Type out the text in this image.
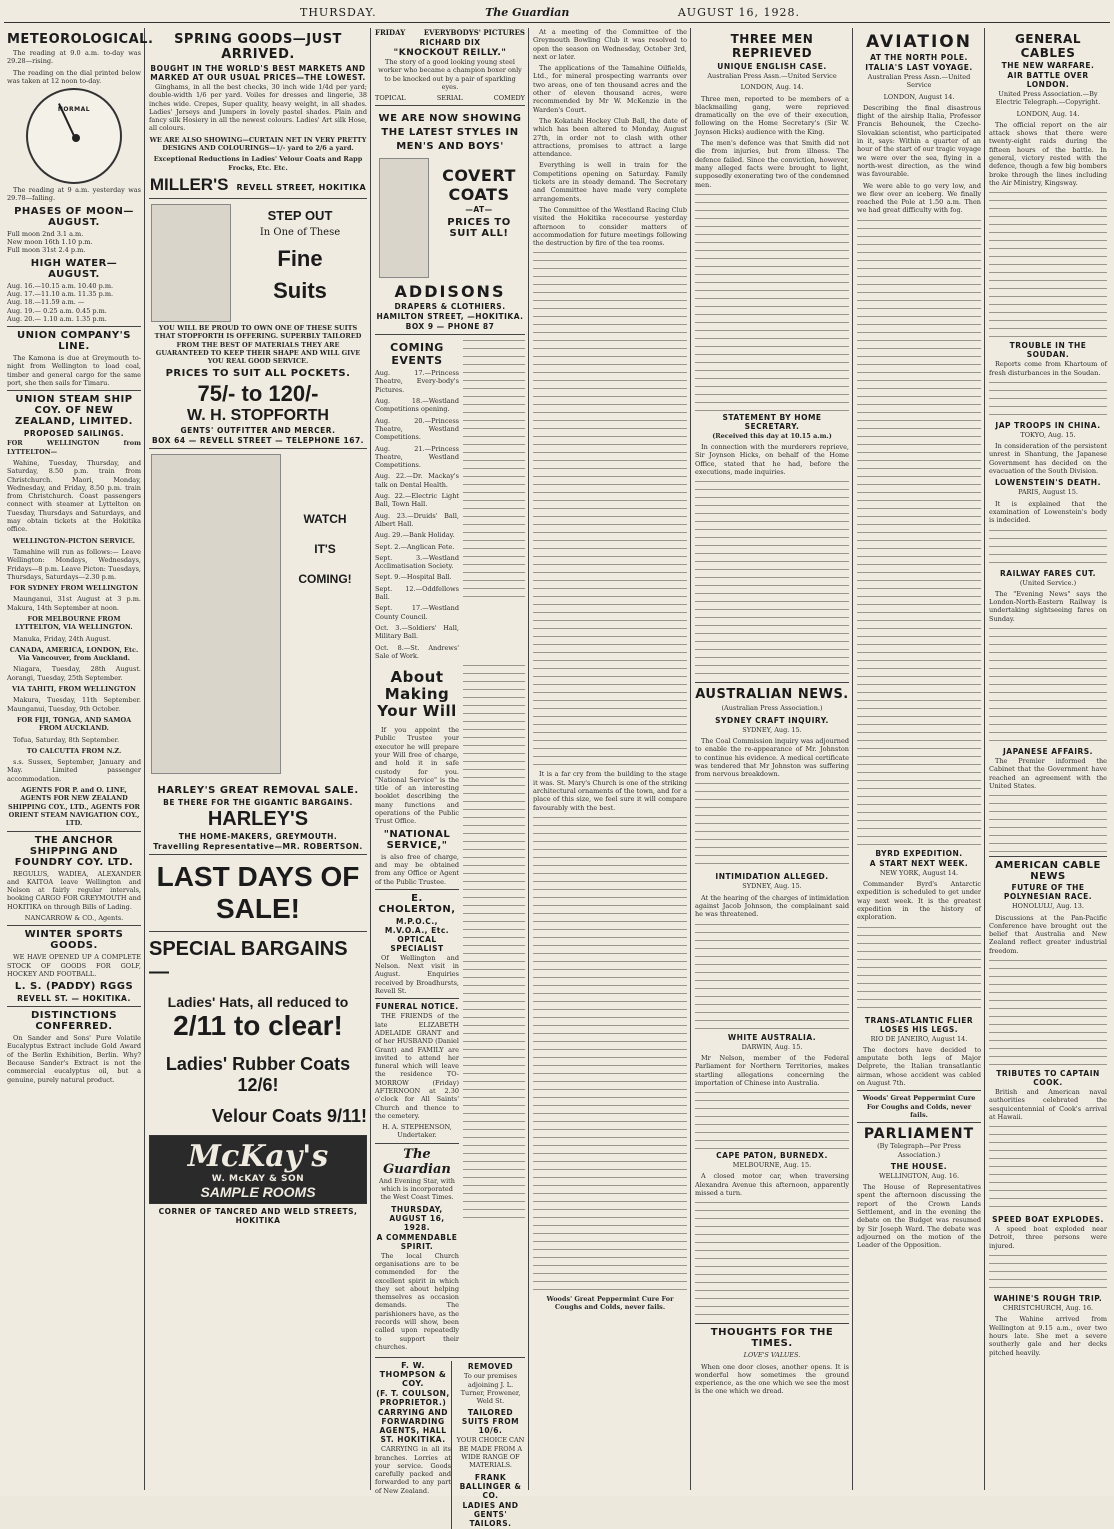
THURSDAY.	The Guardian	AUGUST 16, 1928.
METEOROLOGICAL.
The reading at 9.0 a.m. to-day was 29.28—rising.
The reading on the dial printed below was taken at 12 noon to-day.
NORMAL
The reading at 9 a.m. yesterday was 29.78—falling.
PHASES OF MOON—AUGUST.
Full moon 2nd 3.1 a.m.
New moon 16th 1.10 p.m.
Full moon 31st 2.4 p.m.
HIGH WATER—AUGUST.
Aug. 16.—10.15 a.m. 10.40 p.m.
Aug. 17.—11.10 a.m. 11.35 p.m.
Aug. 18.—11.59 a.m. —
Aug. 19.— 0.25 a.m. 0.45 p.m.
Aug. 20.— 1.10 a.m. 1.35 p.m.
UNION COMPANY'S LINE.
The Kamona is due at Greymouth to-night from Wellington to load coal, timber and general cargo for the same port, she then sails for Timaru.
UNION STEAM SHIP COY. OF NEW ZEALAND, LIMITED.
PROPOSED SAILINGS.
FOR WELLINGTON from LYTTELTON—
Wahine, Tuesday, Thursday, and Saturday, 8.50 p.m. train from Christchurch. Maori, Monday, Wednesday, and Friday, 8.50 p.m. train from Christchurch. Coast passengers connect with steamer at Lyttelton on Tuesday, Thursdays and Saturdays, and may obtain tickets at the Hokitika office.
WELLINGTON-PICTON SERVICE.
Tamahine will run as follows:— Leave Wellington: Mondays, Wednesdays, Fridays—8 p.m. Leave Picton: Tuesdays, Thursdays, Saturdays—2.30 p.m.
FOR SYDNEY FROM WELLINGTON
Maunganui, 31st August at 3 p.m. Makura, 14th September at noon.
FOR MELBOURNE FROM LYTTELTON, VIA WELLINGTON.
Manuka, Friday, 24th August.
CANADA, AMERICA, LONDON, Etc. Via Vancouver, from Auckland.
Niagara, Tuesday, 28th August. Aorangi, Tuesday, 25th September.
VIA TAHITI, FROM WELLINGTON
Makura, Tuesday, 11th September. Maunganui, Tuesday, 9th October.
FOR FIJI, TONGA, AND SAMOA FROM AUCKLAND.
Tofua, Saturday, 8th September.
TO CALCUTTA FROM N.Z.
s.s. Sussex, September, January and May. Limited passenger accommodation.
AGENTS FOR P. and O. LINE, AGENTS FOR NEW ZEALAND SHIPPING COY., LTD., AGENTS FOR ORIENT STEAM NAVIGATION COY., LTD.
THE ANCHOR SHIPPING AND FOUNDRY COY. LTD.
REGULUS, WADIEA, ALEXANDER and KAITOA leave Wellington and Nelson at fairly regular intervals, booking CARGO FOR GREYMOUTH and HOKITIKA on through Bills of Lading.
NANCARROW & CO., Agents.
WINTER SPORTS GOODS.
WE HAVE OPENED UP A COMPLETE STOCK OF GOODS FOR GOLF, HOCKEY AND FOOTBALL.
L. S. (PADDY) RGGS
REVELL ST. — HOKITIKA.
DISTINCTIONS CONFERRED.
On Sander and Sons' Pure Volatile Eucalyptus Extract include Gold Award of the Berlin Exhibition, Berlin. Why? Because Sander's Extract is not the commercial eucalyptus oil, but a genuine, purely natural product.
SPRING GOODS—JUST ARRIVED.
BOUGHT IN THE WORLD'S BEST MARKETS AND MARKED AT OUR USUAL PRICES—THE LOWEST.
Ginghams, in all the best checks, 30 inch wide 1/4d per yard; double-width 1/6 per yard. Voiles for dresses and lingerie, 38 inches wide. Crepes, Super quality, heavy weight, in all shades. Ladies' Jerseys and Jumpers in lovely pastel shades. Plain and fancy silk Hosiery in all the newest colours. Ladies' Art silk Hose, all colours.
WE ARE ALSO SHOWING—CURTAIN NET IN VERY PRETTY DESIGNS AND COLOURINGS—1/- yard to 2/6 a yard.
Exceptional Reductions in Ladies' Velour Coats and Rapp Frocks, Etc. Etc.
MILLER'S REVELL STREET, HOKITIKA
STEP OUT
In One of These
Fine
Suits
YOU WILL BE PROUD TO OWN ONE OF THESE SUITS THAT STOPFORTH IS OFFERING. SUPERBLY TAILORED FROM THE BEST OF MATERIALS THEY ARE GUARANTEED TO KEEP THEIR SHAPE AND WILL GIVE YOU REAL GOOD SERVICE.
PRICES TO SUIT ALL POCKETS.
75/- to 120/-
W. H. STOPFORTH
GENTS' OUTFITTER AND MERCER.
BOX 64 — REVELL STREET — TELEPHONE 167.
WATCH
IT'S
COMING!
HARLEY'S GREAT REMOVAL SALE.
BE THERE FOR THE GIGANTIC BARGAINS.
HARLEY'S
THE HOME-MAKERS, GREYMOUTH.
Travelling Representative—MR. ROBERTSON.
LAST DAYS OF SALE!
SPECIAL BARGAINS—
Ladies' Hats, all reduced to
2/11 to clear!
Ladies' Rubber Coats 12/6!
Velour Coats 9/11!
McKay's
W. McKAY & SON
SAMPLE ROOMS
CORNER OF TANCRED AND WELD STREETS, HOKITIKA
FRIDAY	EVERYBODYS' PICTURES
RICHARD DIX
"KNOCKOUT REILLY."
The story of a good looking young steel worker who became a champion boxer only to be knocked out by a pair of sparkling eyes.
TOPICAL	SERIAL	COMEDY
WE ARE NOW SHOWING THE LATEST STYLES IN MEN'S AND BOYS'
COVERT COATS
—AT—
PRICES TO SUIT ALL!
ADDISONS
DRAPERS & CLOTHIERS.
HAMILTON STREET, —HOKITIKA.
BOX 9 — PHONE 87
COMING EVENTS
Aug. 17.—Princess Theatre, Every-body's Pictures.
Aug. 18.—Westland Competitions opening.
Aug. 20.—Princess Theatre, Westland Competitions.
Aug. 21.—Princess Theatre, Westland Competitions.
Aug. 22.—Dr. Mackay's talk on Dental Health.
Aug. 22.—Electric Light Ball, Town Hall.
Aug. 23.—Druids' Ball, Albert Hall.
Aug. 29.—Bank Holiday.
Sept. 2.—Anglican Fete.
Sept. 3.—Westland Acclimatisation Society.
Sept. 9.—Hospital Ball.
Sept. 12.—Oddfellows Ball.
Sept. 17.—Westland County Council.
Oct. 3.—Soldiers' Hall, Military Ball.
Oct. 8.—St. Andrews' Sale of Work.
About Making Your Will
If you appoint the Public Trustee your executor he will prepare your Will free of charge, and hold it in safe custody for you. "National Service" is the title of an interesting booklet describing the many functions and operations of the Public Trust Office.
"NATIONAL SERVICE,"
is also free of charge, and may be obtained from any Office or Agent of the Public Trustee.
E. CHOLERTON,
M.P.O.C., M.V.O.A., Etc. OPTICAL SPECIALIST
Of Wellington and Nelson. Next visit in August. Enquiries received by Broadhursts, Revell St.
FUNERAL NOTICE.
THE FRIENDS of the late ELIZABETH ADELAIDE GRANT and of her HUSBAND (Daniel Grant) and FAMILY are invited to attend her funeral which will leave the residence TO-MORROW (Friday) AFTERNOON at 2.30 o'clock for All Saints' Church and thence to the cemetery.
H. A. STEPHENSON, Undertaker.
The Guardian
And Evening Star, with which is incorporated the West Coast Times.
THURSDAY, AUGUST 16, 1928.
A COMMENDABLE SPIRIT.
The local Church organisations are to be commended for the excellent spirit in which they set about helping themselves as occasion demands. The parishioners have, as the records will show, been called upon repeatedly to support their churches.
F. W. THOMPSON & COY.
(F. T. COULSON, PROPRIETOR.)
CARRYING AND FORWARDING AGENTS, HALL ST. HOKITIKA.
CARRYING in all its branches. Lorries at your service. Goods carefully packed and forwarded to any part of New Zealand.
REMOVED
To our premises adjoining J. L. Turner, Frowener, Weld St.
TAILORED SUITS FROM 10/6.
YOUR CHOICE CAN BE MADE FROM A WIDE RANGE OF MATERIALS.
FRANK BALLINGER & CO.
LADIES AND GENTS' TAILORS.
At a meeting of the Committee of the Greymouth Bowling Club it was resolved to open the season on Wednesday, October 3rd, next or later.
The applications of the Tamahine Oilfields, Ltd., for mineral prospecting warrants over two areas, one of ten thousand acres and the other of eleven thousand acres, were recommended by Mr W. McKenzie in the Warden's Court.
The Kokatahi Hockey Club Ball, the date of which has been altered to Monday, August 27th, in order not to clash with other attractions, promises to attract a large attendance.
Everything is well in train for the Competitions opening on Saturday. Family tickets are in steady demand. The Secretary and Committee have made very complete arrangements.
The Committee of the Westland Racing Club visited the Hokitika racecourse yesterday afternoon to consider matters of accommodation for future meetings following the destruction by fire of the tea rooms.
It is a far cry from the building to the stage it was. St. Mary's Church is one of the striking architectural ornaments of the town, and for a place of this size, we feel sure it will compare favourably with the best.
Woods' Great Peppermint Cure For Coughs and Colds, never fails.
THREE MEN REPRIEVED
UNIQUE ENGLISH CASE.
Australian Press Assn.—United Service
LONDON, Aug. 14.
Three men, reported to be members of a blackmailing gang, were reprieved dramatically on the eve of their execution, following on the Home Secretary's (Sir W. Joynson Hicks) audience with the King.
The men's defence was that Smith did not die from injuries, but from illness. The defence failed. Since the conviction, however, many alleged facts were brought to light, supposedly exonerating two of the condemned men.
STATEMENT BY HOME SECRETARY.
(Received this day at 10.15 a.m.)
In connection with the murderers reprieve, Sir Joynson Hicks, on behalf of the Home Office, stated that he had, before the executions, made inquiries.
AUSTRALIAN NEWS.
(Australian Press Association.)
SYDNEY CRAFT INQUIRY.
SYDNEY, Aug. 15.
The Coal Commission inquiry was adjourned to enable the re-appearance of Mr. Johnston to continue his evidence. A medical certificate was tendered that Mr Johnston was suffering from nervous breakdown.
INTIMIDATION ALLEGED.
SYDNEY, Aug. 15.
At the hearing of the charges of intimidation against Jacob Johnson, the complainant said he was threatened.
WHITE AUSTRALIA.
DARWIN, Aug. 15.
Mr Nelson, member of the Federal Parliament for Northern Territories, makes startling allegations concerning the importation of Chinese into Australia.
CAPE PATON, BURNEDX.
MELBOURNE, Aug. 15.
A closed motor car, when traversing Alexandra Avenue this afternoon, apparently missed a turn.
THOUGHTS FOR THE TIMES.
LOVE'S VALUES.
When one door closes, another opens. It is wonderful how sometimes the ground experience, as the one which we see the most is the one which we dread.
AVIATION
AT THE NORTH POLE.
ITALIA'S LAST VOYAGE.
Australian Press Assn.—United Service
LONDON, August 14.
Describing the final disastrous flight of the airship Italia, Professor Francis Behounek, the Czecho-Slovakian scientist, who participated in it, says: Within a quarter of an hour of the start of our tragic voyage we were over the sea, flying in a north-west direction, as the wind was favourable.
We were able to go very low, and we flew over an iceberg. We finally reached the Pole at 1.50 a.m. Then we had great difficulty with fog.
BYRD EXPEDITION.
A START NEXT WEEK.
NEW YORK, August 14.
Commander Byrd's Antarctic expedition is scheduled to get under way next week. It is the greatest expedition in the history of exploration.
TRANS-ATLANTIC FLIER LOSES HIS LEGS.
RIO DE JANEIRO, August 14.
The doctors have decided to amputate both legs of Major Delprete, the Italian transatlantic airman, whose accident was cabled on August 7th.
Woods' Great Peppermint Cure For Coughs and Colds, never fails.
PARLIAMENT
(By Telegraph—Per Press Association.)
THE HOUSE.
WELLINGTON, Aug. 16.
The House of Representatives spent the afternoon discussing the report of the Crown Lands Settlement, and in the evening the debate on the Budget was resumed by Sir Joseph Ward. The debate was adjourned on the motion of the Leader of the Opposition.
GENERAL CABLES
THE NEW WARFARE.
AIR BATTLE OVER LONDON.
United Press Association.—By Electric Telegraph.—Copyright.
LONDON, Aug. 14.
The official report on the air attack shows that there were twenty-eight raids during the fifteen hours of the battle. In general, victory rested with the defence, though a few big bombers broke through the lines including the Air Ministry, Kingsway.
TROUBLE IN THE SOUDAN.
Reports come from Khartoum of fresh disturbances in the Soudan.
JAP TROOPS IN CHINA.
TOKYO, Aug. 15.
In consideration of the persistent unrest in Shantung, the Japanese Government has decided on the evacuation of the South Division.
LOWENSTEIN'S DEATH.
PARIS, August 15.
It is explained that the examination of Lowenstein's body is indecided.
RAILWAY FARES CUT.
(United Service.)
The "Evening News" says the London-North-Eastern Railway is undertaking sightseeing fares on Sunday.
JAPANESE AFFAIRS.
The Premier informed the Cabinet that the Government have reached an agreement with the United States.
AMERICAN CABLE NEWS
FUTURE OF THE POLYNESIAN RACE.
HONOLULU, Aug. 13.
Discussions at the Pan-Pacific Conference have brought out the belief that Australia and New Zealand reflect greater industrial freedom.
TRIBUTES TO CAPTAIN COOK.
British and American naval authorities celebrated the sesquicentennial of Cook's arrival at Hawaii.
SPEED BOAT EXPLODES.
A speed boat exploded near Detroit, three persons were injured.
WAHINE'S ROUGH TRIP.
CHRISTCHURCH, Aug. 16.
The Wahine arrived from Wellington at 9.15 a.m., over two hours late. She met a severe southerly gale and her decks pitched heavily.
